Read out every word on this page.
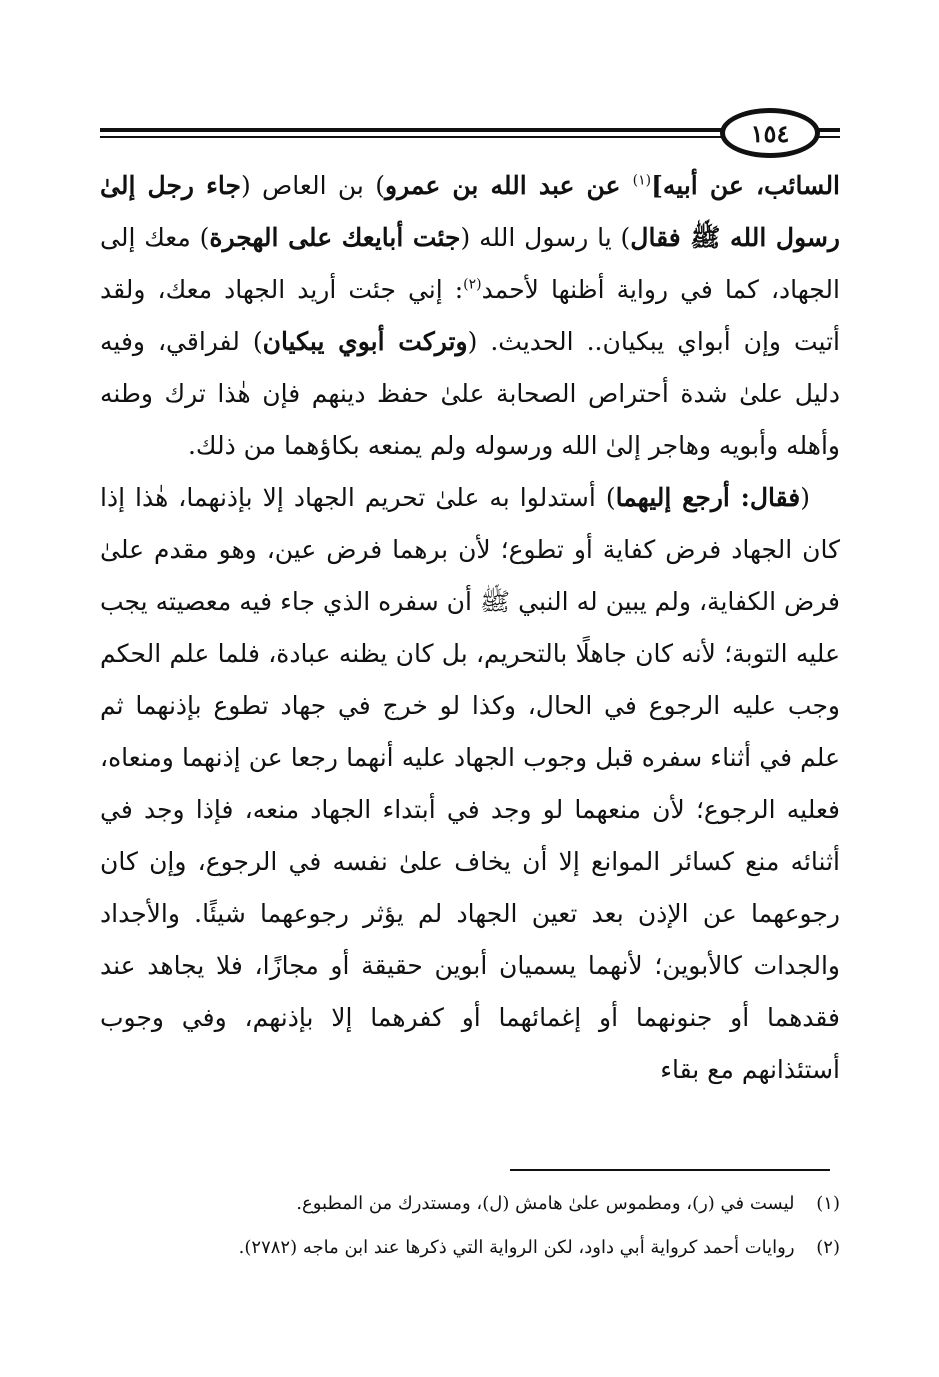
١٥٤

السائب، عن أبيه]$^{(١)}$ عن عبد الله بن عمرو) بن العاص (جاء رجل إلىٰ رسول الله ﷺ فقال) يا رسول الله (جئت أبايعك على الهجرة) معك إلى الجهاد، كما في رواية أظنها لأحمد$^{(٢)}$: إني جئت أريد الجهاد معك، ولقد أتيت وإن أبواي يبكيان.. الحديث. (وتركت أبوي يبكيان) لفراقي، وفيه دليل علىٰ شدة أحتراص الصحابة علىٰ حفظ دينهم فإن هٰذا ترك وطنه وأهله وأبويه وهاجر إلىٰ الله ورسوله ولم يمنعه بكاؤهما من ذلك.

(فقال: أرجع إليهما) أستدلوا به علىٰ تحريم الجهاد إلا بإذنهما، هٰذا إذا كان الجهاد فرض كفاية أو تطوع؛ لأن برهما فرض عين، وهو مقدم علىٰ فرض الكفاية، ولم يبين له النبي ﷺ أن سفره الذي جاء فيه معصيته يجب عليه التوبة؛ لأنه كان جاهلًا بالتحريم، بل كان يظنه عبادة، فلما علم الحكم وجب عليه الرجوع في الحال، وكذا لو خرج في جهاد تطوع بإذنهما ثم علم في أثناء سفره قبل وجوب الجهاد عليه أنهما رجعا عن إذنهما ومنعاه، فعليه الرجوع؛ لأن منعهما لو وجد في أبتداء الجهاد منعه، فإذا وجد في أثنائه منع كسائر الموانع إلا أن يخاف علىٰ نفسه في الرجوع، وإن كان رجوعهما عن الإذن بعد تعين الجهاد لم يؤثر رجوعهما شيئًا. والأجداد والجدات كالأبوين؛ لأنهما يسميان أبوين حقيقة أو مجازًا، فلا يجاهد عند فقدهما أو جنونهما أو إغمائهما أو كفرهما إلا بإذنهم، وفي وجوب أستئذانهم مع بقاء

(١) ليست في (ر)، ومطموس علىٰ هامش (ل)، ومستدرك من المطبوع.

(٢) روايات أحمد كرواية أبي داود، لكن الرواية التي ذكرها عند ابن ماجه (٢٧٨٢).
